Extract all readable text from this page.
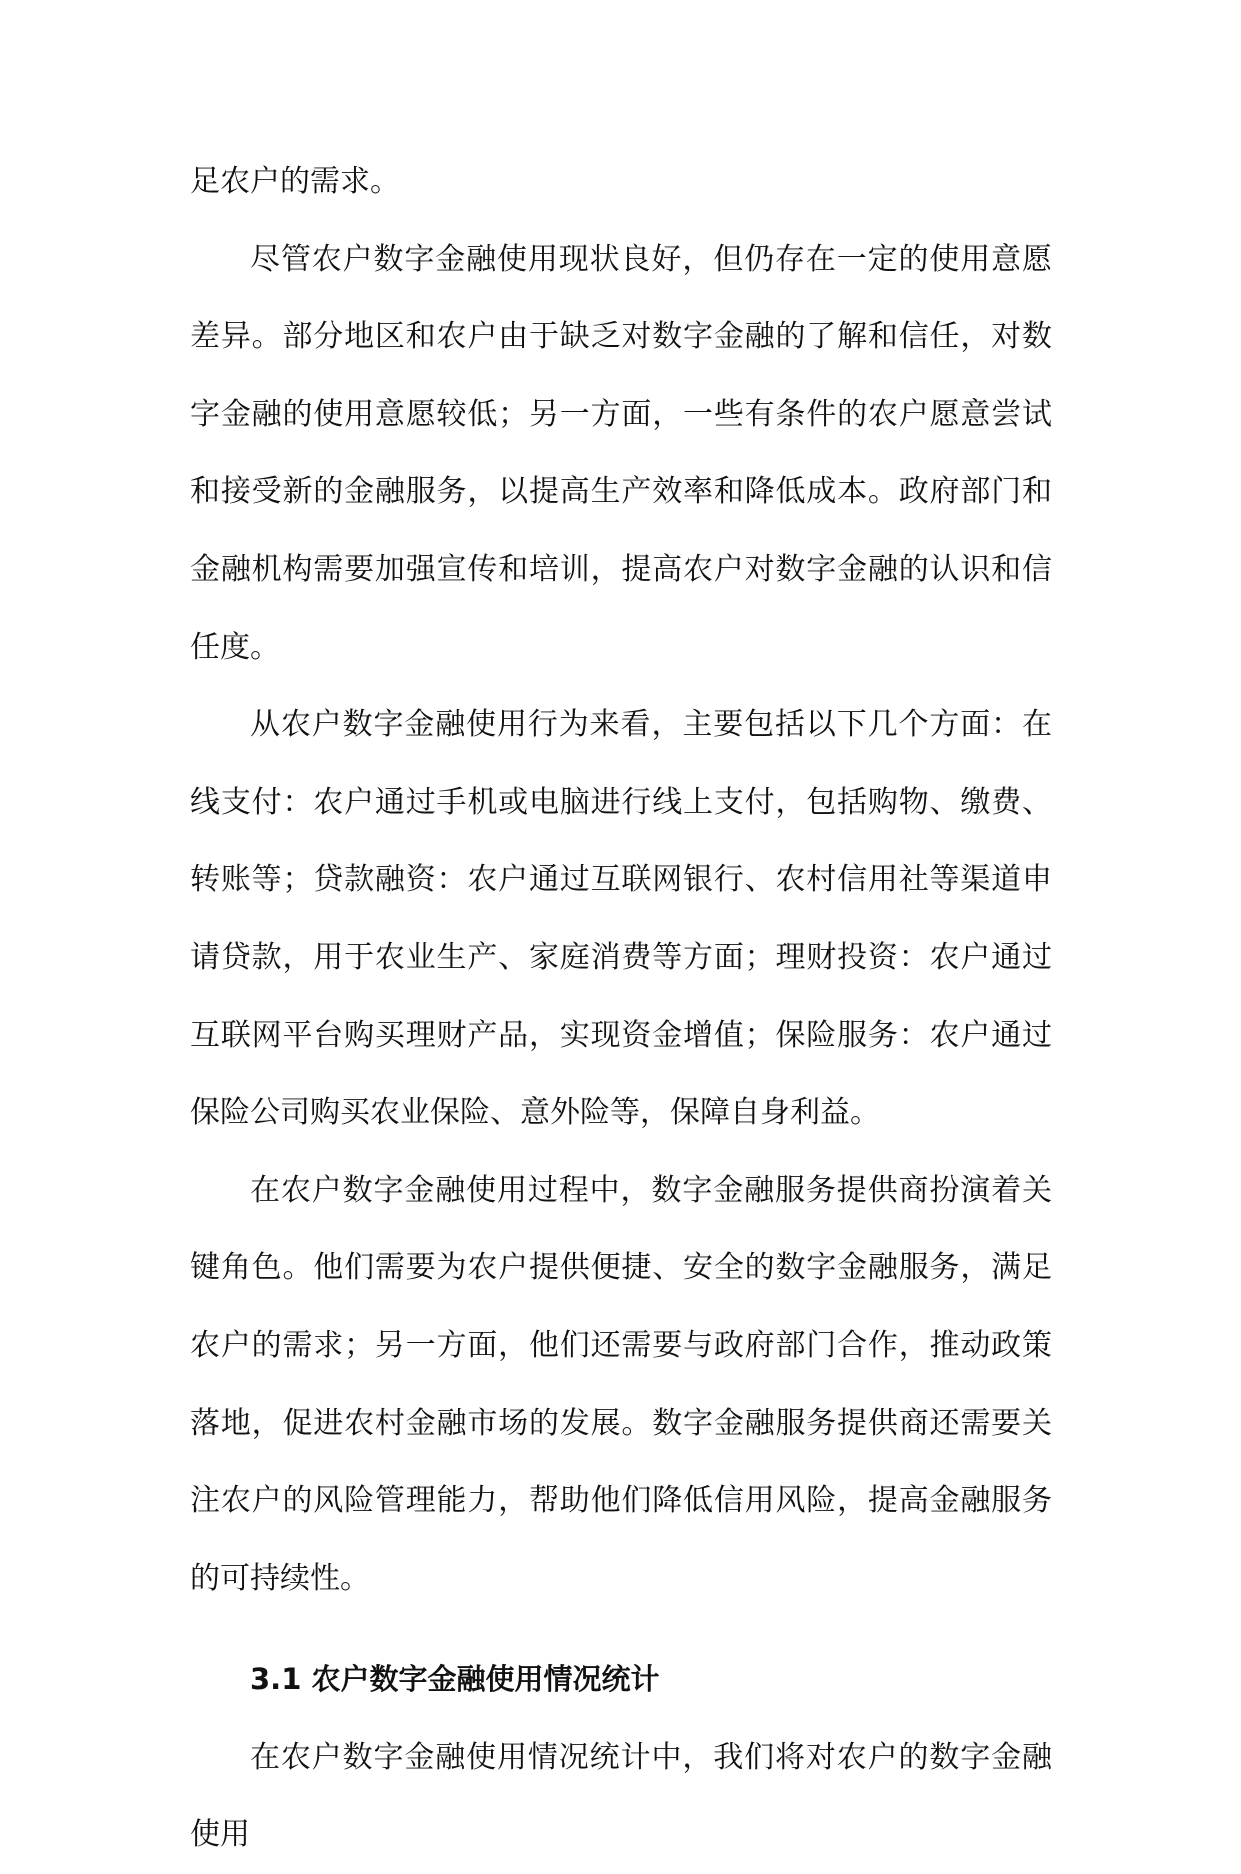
足农户的需求。

尽管农户数字金融使用现状良好，但仍存在一定的使用意愿差异。部分地区和农户由于缺乏对数字金融的了解和信任，对数字金融的使用意愿较低；另一方面，一些有条件的农户愿意尝试和接受新的金融服务，以提高生产效率和降低成本。政府部门和金融机构需要加强宣传和培训，提高农户对数字金融的认识和信任度。

从农户数字金融使用行为来看，主要包括以下几个方面：在线支付：农户通过手机或电脑进行线上支付，包括购物、缴费、转账等；贷款融资：农户通过互联网银行、农村信用社等渠道申请贷款，用于农业生产、家庭消费等方面；理财投资：农户通过互联网平台购买理财产品，实现资金增值；保险服务：农户通过保险公司购买农业保险、意外险等，保障自身利益。

在农户数字金融使用过程中，数字金融服务提供商扮演着关键角色。他们需要为农户提供便捷、安全的数字金融服务，满足农户的需求；另一方面，他们还需要与政府部门合作，推动政策落地，促进农村金融市场的发展。数字金融服务提供商还需要关注农户的风险管理能力，帮助他们降低信用风险，提高金融服务的可持续性。

3.1 农户数字金融使用情况统计

在农户数字金融使用情况统计中，我们将对农户的数字金融使用
